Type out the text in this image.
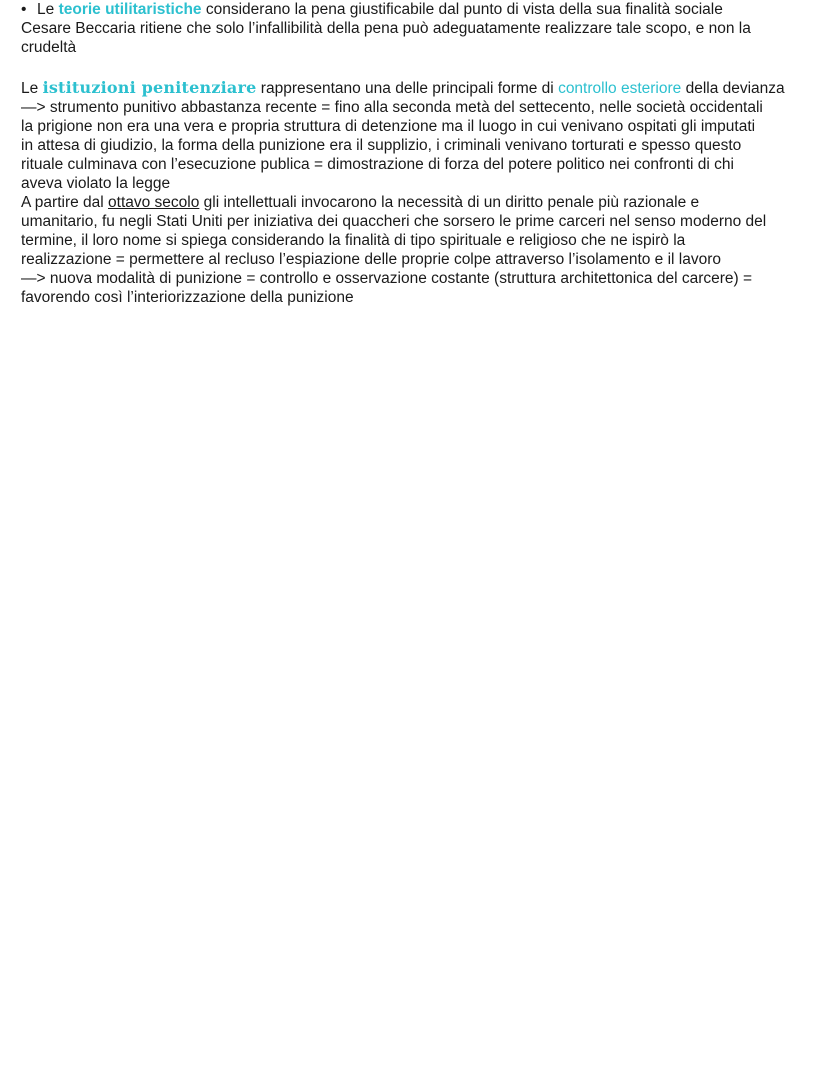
• Le teorie utilitaristiche considerano la pena giustificabile dal punto di vista della sua finalità sociale
Cesare Beccaria ritiene che solo l’infallibilità della pena può adeguatamente realizzare tale scopo, e non la
crudeltà
Le istituzioni penitenziare rappresentano una delle principali forme di controllo esteriore della devianza
—> strumento punitivo abbastanza recente = fino alla seconda metà del settecento, nelle società occidentali
la prigione non era una vera e propria struttura di detenzione ma il luogo in cui venivano ospitati gli imputati
in attesa di giudizio, la forma della punizione era il supplizio, i criminali venivano torturati e spesso questo
rituale culminava con l’esecuzione publica = dimostrazione di forza del potere politico nei confronti di chi
aveva violato la legge
A partire dal ottavo secolo gli intellettuali invocarono la necessità di un diritto penale più razionale e
umanitario, fu negli Stati Uniti per iniziativa dei quaccheri che sorsero le prime carceri nel senso moderno del
termine, il loro nome si spiega considerando la finalità di tipo spirituale e religioso che ne ispirò la
realizzazione = permettere al recluso l’espiazione delle proprie colpe attraverso l’isolamento e il lavoro
—> nuova modalità di punizione = controllo e osservazione costante (struttura architettonica del carcere) =
favorendo così l’interiorizzazione della punizione
